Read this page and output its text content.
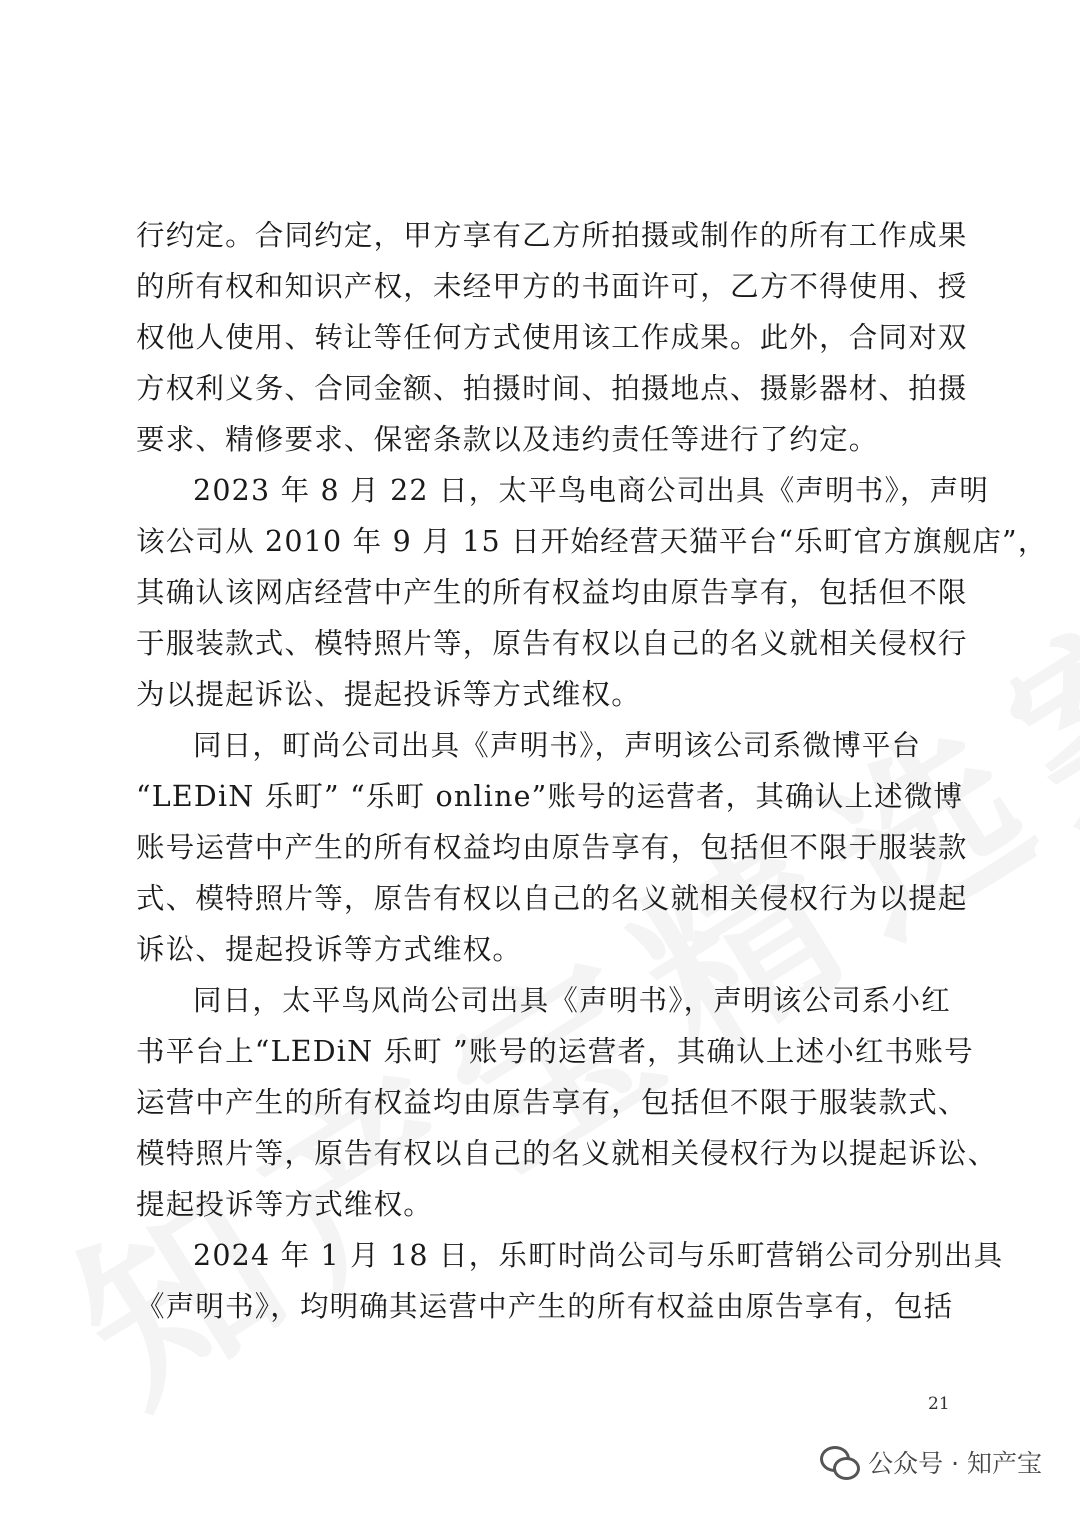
行约定。合同约定，甲方享有乙方所拍摄或制作的所有工作成果
的所有权和知识产权，未经甲方的书面许可，乙方不得使用、授
权他人使用、转让等任何方式使用该工作成果。此外，合同对双
方权利义务、合同金额、拍摄时间、拍摄地点、摄影器材、拍摄
要求、精修要求、保密条款以及违约责任等进行了约定。
2023 年 8 月 22 日，太平鸟电商公司出具《声明书》，声明
该公司从 2010 年 9 月 15 日开始经营天猫平台“乐町官方旗舰店”，
其确认该网店经营中产生的所有权益均由原告享有，包括但不限
于服装款式、模特照片等，原告有权以自己的名义就相关侵权行
为以提起诉讼、提起投诉等方式维权。
同日，町尚公司出具《声明书》，声明该公司系微博平台
“LEDiN 乐町” “乐町 online”账号的运营者，其确认上述微博
账号运营中产生的所有权益均由原告享有，包括但不限于服装款
式、模特照片等，原告有权以自己的名义就相关侵权行为以提起
诉讼、提起投诉等方式维权。
同日，太平鸟风尚公司出具《声明书》，声明该公司系小红
书平台上“LEDiN 乐町 ”账号的运营者，其确认上述小红书账号
运营中产生的所有权益均由原告享有，包括但不限于服装款式、
模特照片等，原告有权以自己的名义就相关侵权行为以提起诉讼、
提起投诉等方式维权。
2024 年 1 月 18 日，乐町时尚公司与乐町营销公司分别出具
《声明书》，均明确其运营中产生的所有权益由原告享有，包括
21
公众号 · 知产宝
